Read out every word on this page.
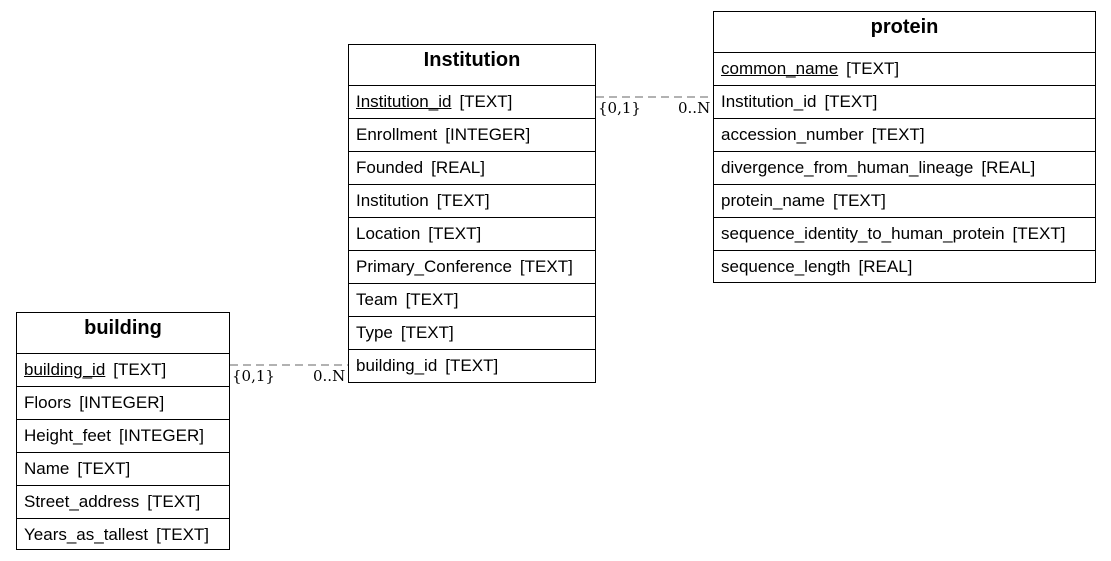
Institution
Institution_id [TEXT]
Enrollment [INTEGER]
Founded [REAL]
Institution [TEXT]
Location [TEXT]
Primary_Conference [TEXT]
Team [TEXT]
Type [TEXT]
building_id [TEXT]
protein
common_name [TEXT]
Institution_id [TEXT]
accession_number [TEXT]
divergence_from_human_lineage [REAL]
protein_name [TEXT]
sequence_identity_to_human_protein [TEXT]
sequence_length [REAL]
building
building_id [TEXT]
Floors [INTEGER]
Height_feet [INTEGER]
Name [TEXT]
Street_address [TEXT]
Years_as_tallest [TEXT]
{0,1} 0..N
{0,1}	0..N
